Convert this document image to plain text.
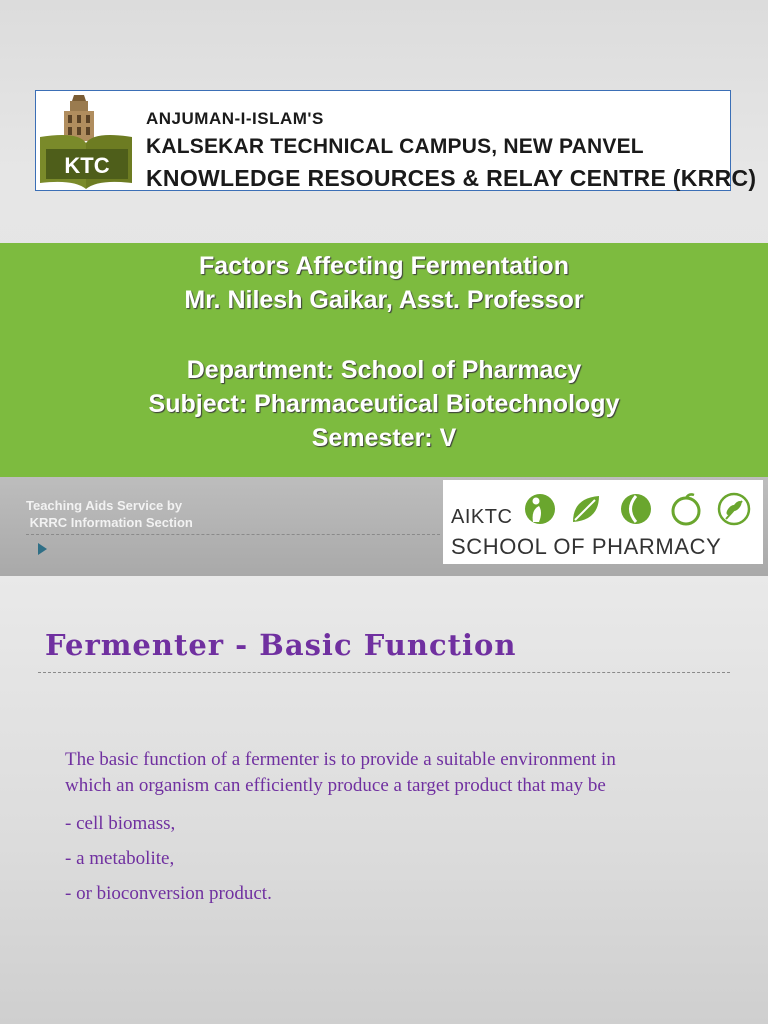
KTC
ANJUMAN-I-ISLAM'S
KALSEKAR TECHNICAL CAMPUS, NEW PANVEL
KNOWLEDGE RESOURCES & RELAY CENTRE (KRRC)
Factors Affecting Fermentation
Mr. Nilesh Gaikar, Asst. Professor
Department: School of Pharmacy
Subject: Pharmaceutical Biotechnology
Semester: V
Teaching Aids Service by
KRRC Information Section	AIKTC
SCHOOL OF PHARMACY
Fermenter - Basic Function
The basic function of a fermenter is to provide a suitable environment in
which an organism can efficiently produce a target product that may be
- cell biomass,
- a metabolite,
- or bioconversion product.
